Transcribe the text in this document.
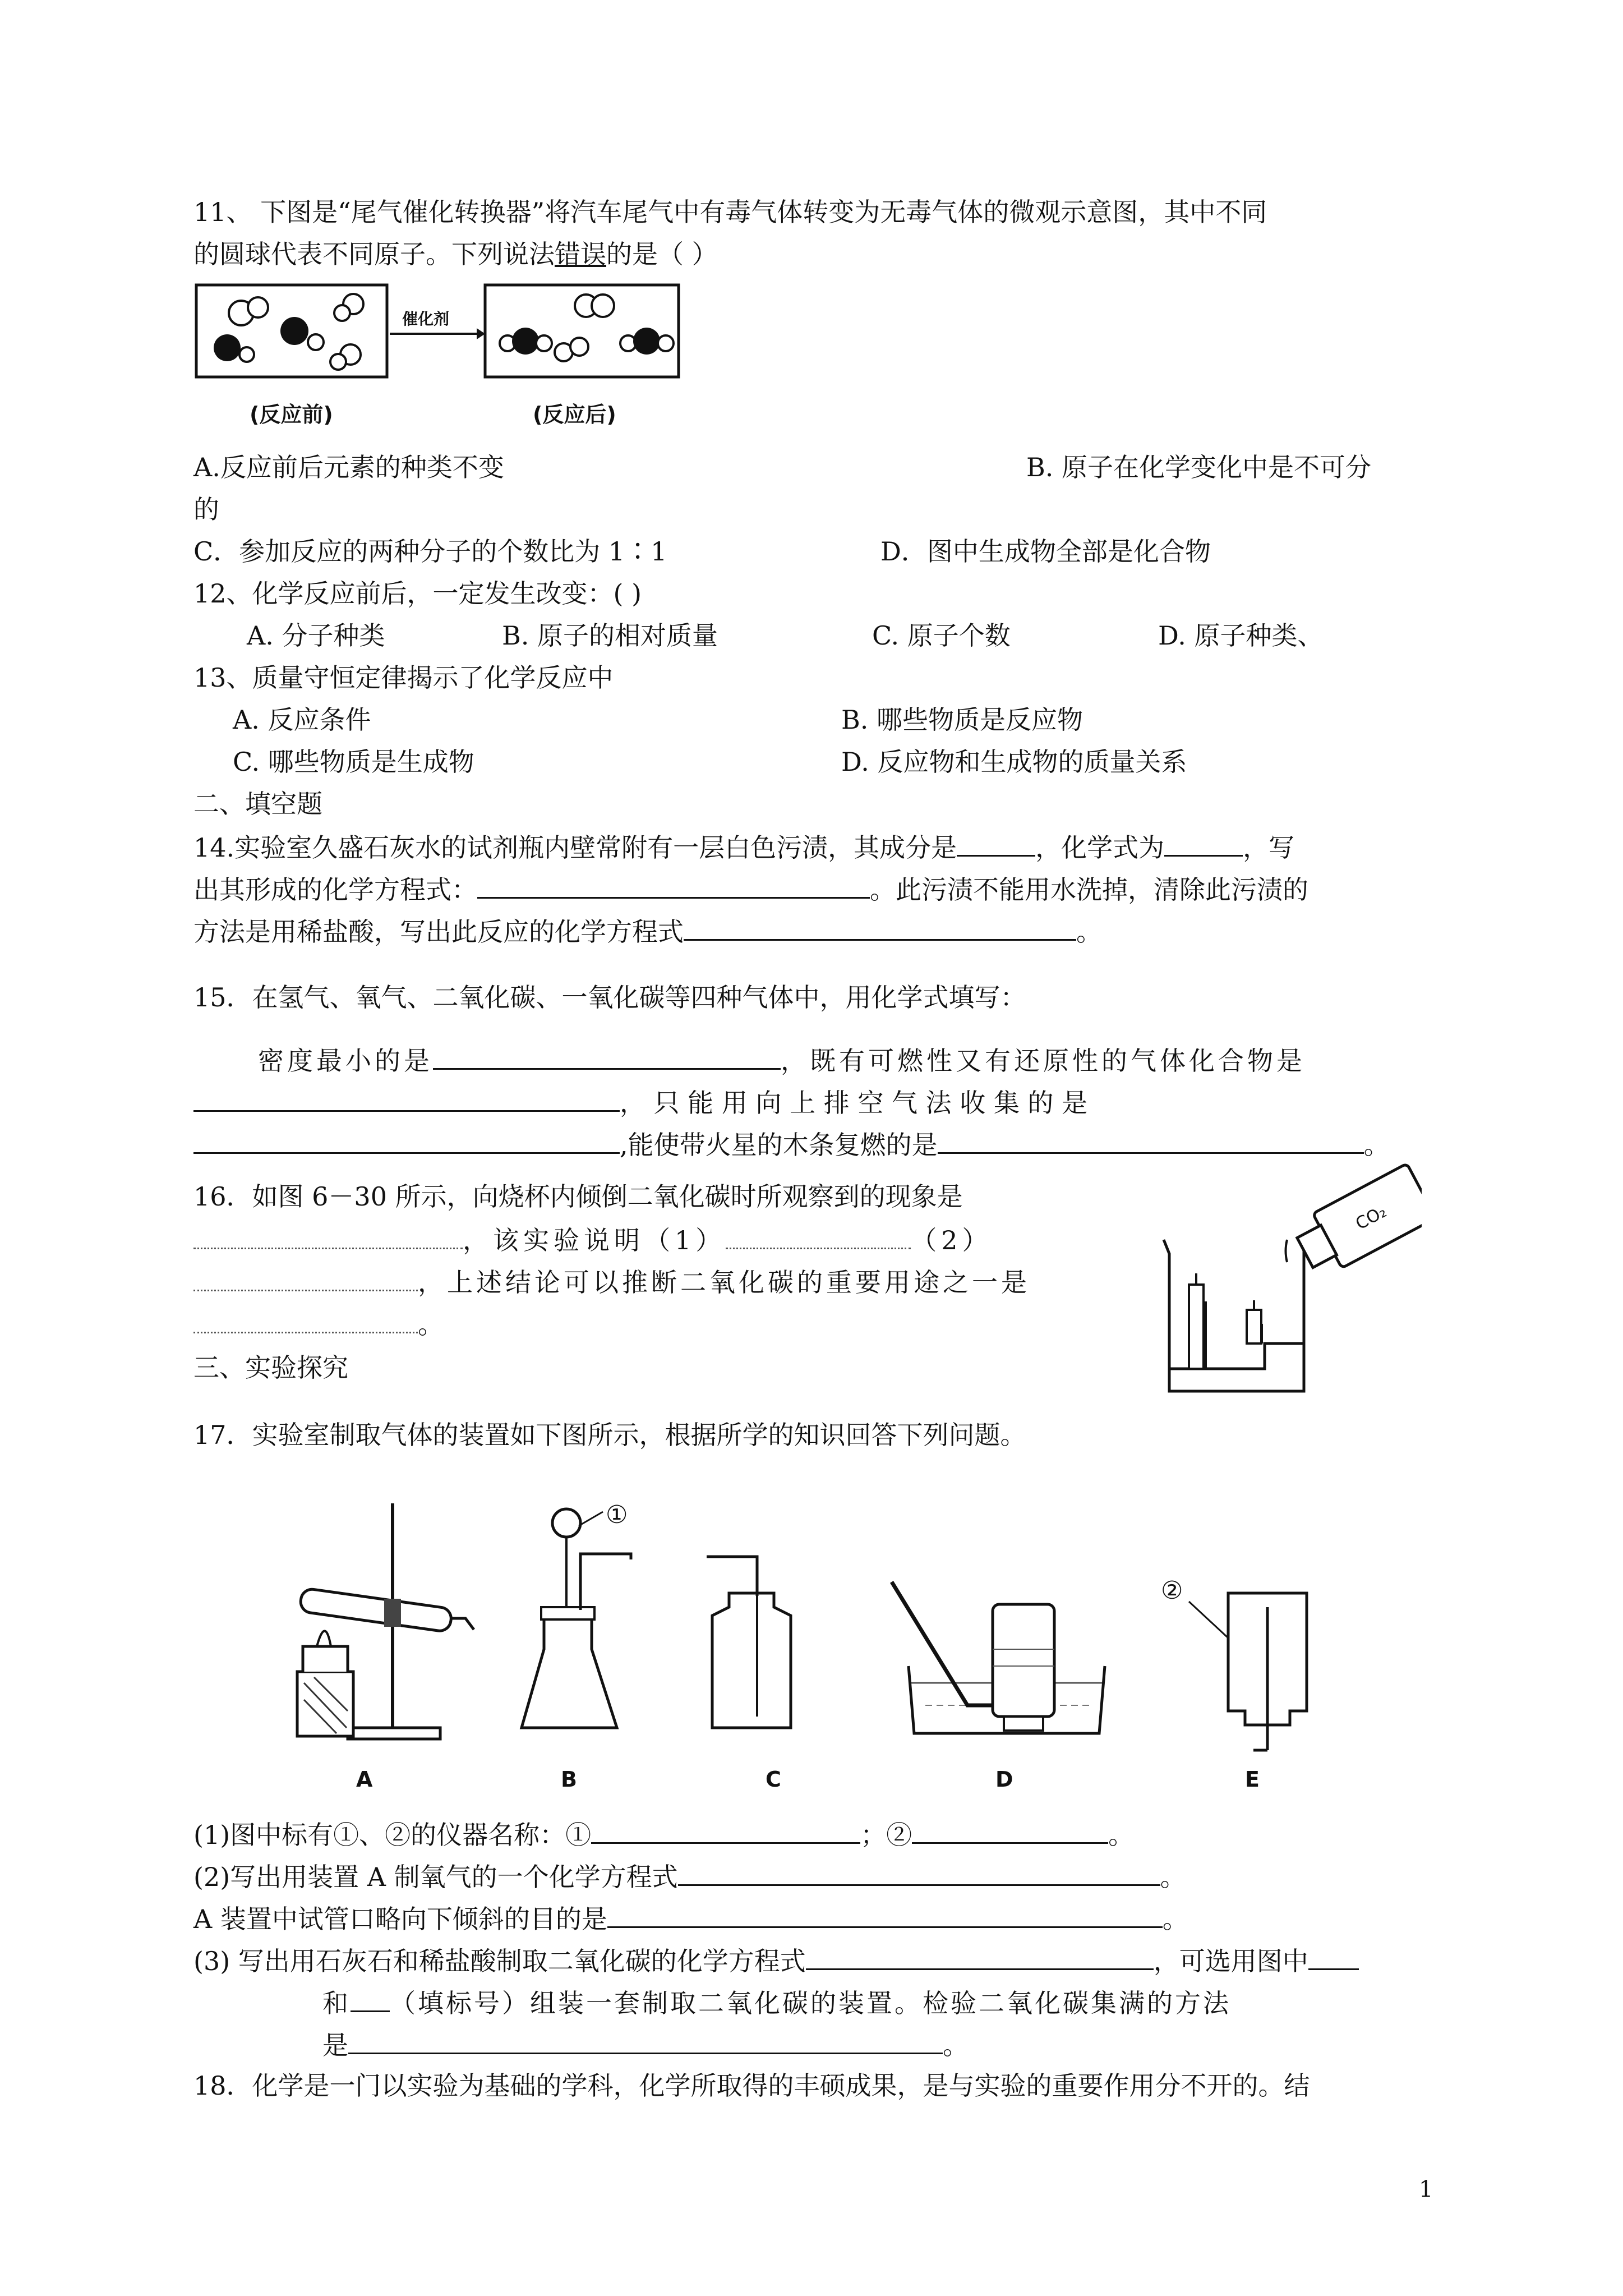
11、 下图是“尾气催化转换器”将汽车尾气中有毒气体转变为无毒气体的微观示意图，其中不同
的圆球代表不同原子。下列说法错误的是（ ）
催化剂
(反应前)	(反应后)
A.反应前后元素的种类不变	B. 原子在化学变化中是不可分
的
C．参加反应的两种分子的个数比为 1∶1	D．图中生成物全部是化合物
12、化学反应前后，一定发生改变：( )
A. 分子种类	B. 原子的相对质量	C. 原子个数	D. 原子种类、
13、质量守恒定律揭示了化学反应中
A. 反应条件	B. 哪些物质是反应物
C. 哪些物质是生成物	D. 反应物和生成物的质量关系
二、填空题
14.实验室久盛石灰水的试剂瓶内壁常附有一层白色污渍，其成分是	，化学式为	，写
出其形成的化学方程式：	。此污渍不能用水洗掉，清除此污渍的
方法是用稀盐酸，写出此反应的化学方程式	。
15．在氢气、氧气、二氧化碳、一氧化碳等四种气体中，用化学式填写：
密度最小的是	，既有可燃性又有还原性的气体化合物是
， 只 能 用 向 上 排 空 气 法 收 集 的 是
,能使带火星的木条复燃的是	。
16．如图 6－30 所示，向烧杯内倾倒二氧化碳时所观察到的现象是
，该实验说明（1）	（2）
，上述结论可以推断二氧化碳的重要用途之一是
。
CO₂
三、实验探究
17．实验室制取气体的装置如下图所示，根据所学的知识回答下列问题。
①
②
A	B	C	D	E
(1)图中标有①、②的仪器名称：①	；②	。
(2)写出用装置 A 制氧气的一个化学方程式	。
A 装置中试管口略向下倾斜的目的是	。
(3) 写出用石灰石和稀盐酸制取二氧化碳的化学方程式	，可选用图中
和 （填标号）组装一套制取二氧化碳的装置。检验二氧化碳集满的方法
是	。
18．化学是一门以实验为基础的学科，化学所取得的丰硕成果，是与实验的重要作用分不开的。结
1
